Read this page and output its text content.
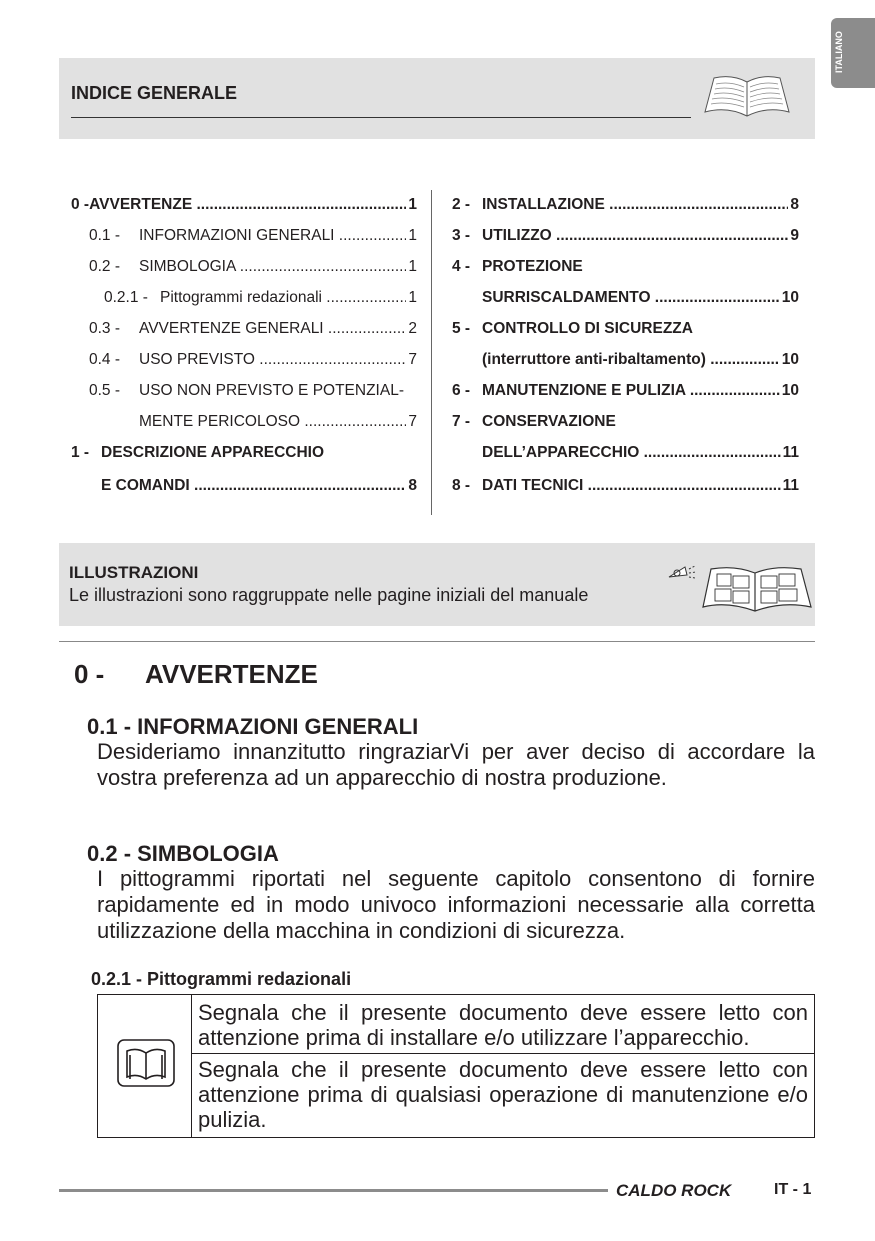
ITALIANO
INDICE GENERALE
0 - AVVERTENZE .....	1
0.1 -	INFORMAZIONI GENERALI .....	1
0.2 -	SIMBOLOGIA .....	1
0.2.1 - Pittogrammi redazionali .....	1
0.3 -	AVVERTENZE GENERALI .....	2
0.4 -	USO PREVISTO .....	7
0.5 -	USO NON PREVISTO E POTENZIAL-
MENTE PERICOLOSO .....	7
1 - DESCRIZIONE APPARECCHIO
E COMANDI .....	8
2 - INSTALLAZIONE .....	8
3 - UTILIZZO .....	9
4 - PROTEZIONE
SURRISCALDAMENTO .....	10
5 - CONTROLLO DI SICUREZZA
(interruttore anti-ribaltamento) .....	10
6 - MANUTENZIONE E PULIZIA .....	10
7 - CONSERVAZIONE
DELL’APPARECCHIO .....	11
8 - DATI TECNICI .....	11
ILLUSTRAZIONI
Le illustrazioni sono raggruppate nelle pagine iniziali del manuale
0 - AVVERTENZE
0.1 - INFORMAZIONI GENERALI
Desideriamo innanzitutto ringraziarVi per aver deciso di accordare la vostra preferenza ad un apparecchio di nostra produzione.
0.2 - SIMBOLOGIA
I pittogrammi riportati nel seguente capitolo consentono di fornire rapidamente ed in modo univoco informazioni necessarie alla corretta utilizzazione della macchina in condizioni di sicurezza.
0.2.1 - Pittogrammi redazionali
Segnala che il presente documento deve essere letto con attenzione prima di installare e/o utilizzare l’apparecchio.
Segnala che il presente documento deve essere letto con attenzione prima di qualsiasi operazione di manutenzione e/o pulizia.
CALDO ROCK	IT - 1
